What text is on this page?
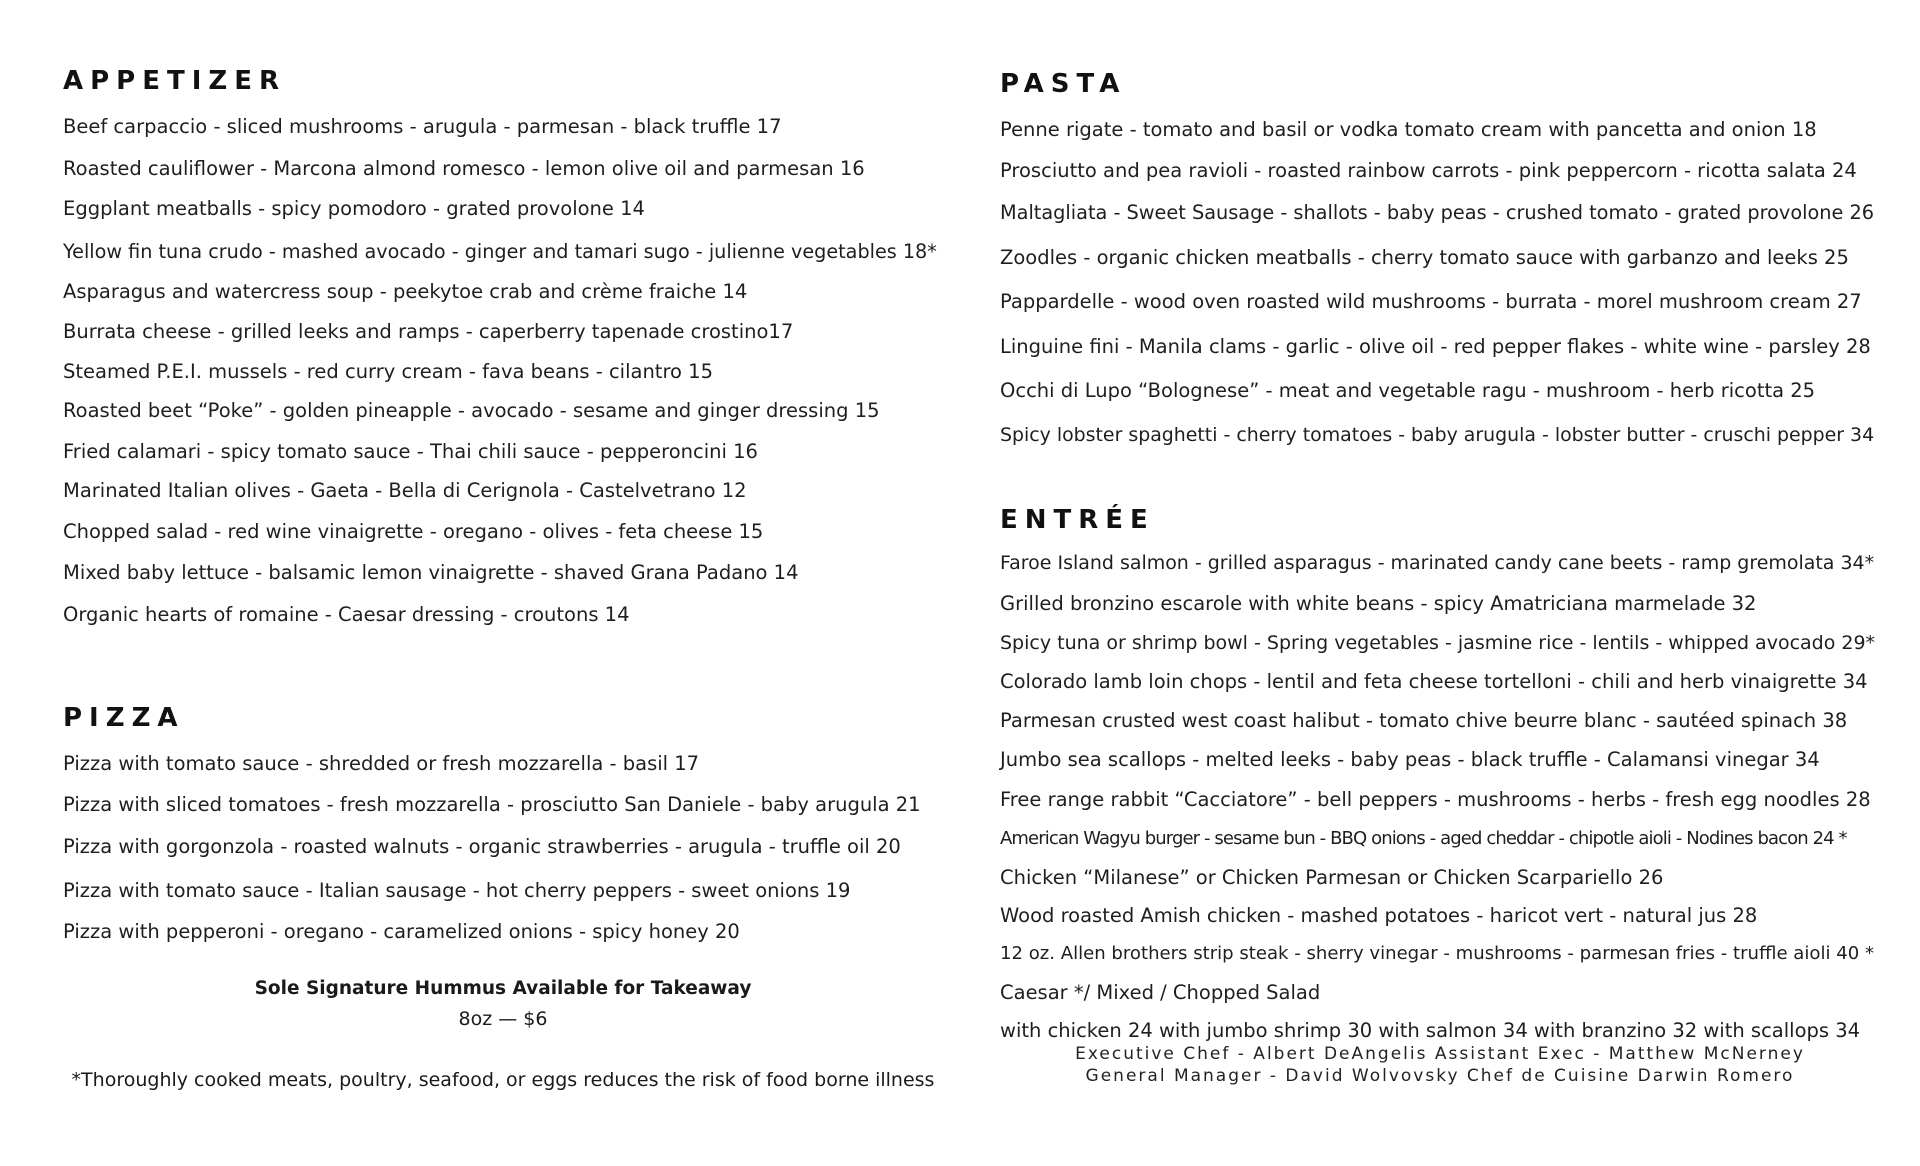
APPETIZER
Beef carpaccio - sliced mushrooms - arugula - parmesan - black truffle 17
Roasted cauliflower - Marcona almond romesco - lemon olive oil and parmesan 16
Eggplant meatballs - spicy pomodoro - grated provolone 14
Yellow fin tuna crudo - mashed avocado - ginger and tamari sugo - julienne vegetables 18*
Asparagus and watercress soup - peekytoe crab and crème fraiche 14
Burrata cheese - grilled leeks and ramps - caperberry tapenade crostino17
Steamed P.E.I. mussels - red curry cream - fava beans - cilantro 15
Roasted beet “Poke” - golden pineapple - avocado - sesame and ginger dressing 15
Fried calamari - spicy tomato sauce - Thai chili sauce - pepperoncini 16
Marinated Italian olives - Gaeta - Bella di Cerignola - Castelvetrano 12
Chopped salad - red wine vinaigrette - oregano - olives - feta cheese 15
Mixed baby lettuce - balsamic lemon vinaigrette - shaved Grana Padano 14
Organic hearts of romaine - Caesar dressing - croutons 14
PIZZA
Pizza with tomato sauce - shredded or fresh mozzarella - basil 17
Pizza with sliced tomatoes - fresh mozzarella - prosciutto San Daniele - baby arugula 21
Pizza with gorgonzola - roasted walnuts - organic strawberries - arugula - truffle oil 20
Pizza with tomato sauce - Italian sausage - hot cherry peppers - sweet onions 19
Pizza with pepperoni - oregano - caramelized onions - spicy honey 20
Sole Signature Hummus Available for Takeaway
8oz — $6
*Thoroughly cooked meats, poultry, seafood, or eggs reduces the risk of food borne illness
PASTA
Penne rigate - tomato and basil or vodka tomato cream with pancetta and onion 18
Prosciutto and pea ravioli - roasted rainbow carrots - pink peppercorn - ricotta salata 24
Maltagliata - Sweet Sausage - shallots - baby peas - crushed tomato - grated provolone 26
Zoodles - organic chicken meatballs - cherry tomato sauce with garbanzo and leeks 25
Pappardelle - wood oven roasted wild mushrooms - burrata - morel mushroom cream 27
Linguine fini - Manila clams - garlic - olive oil - red pepper flakes - white wine - parsley 28
Occhi di Lupo “Bolognese” - meat and vegetable ragu - mushroom - herb ricotta 25
Spicy lobster spaghetti - cherry tomatoes - baby arugula - lobster butter - cruschi pepper 34
ENTRÉE
Faroe Island salmon - grilled asparagus - marinated candy cane beets - ramp gremolata 34*
Grilled bronzino escarole with white beans - spicy Amatriciana marmelade 32
Spicy tuna or shrimp bowl - Spring vegetables - jasmine rice - lentils - whipped avocado 29*
Colorado lamb loin chops - lentil and feta cheese tortelloni - chili and herb vinaigrette 34
Parmesan crusted west coast halibut - tomato chive beurre blanc - sautéed spinach 38
Jumbo sea scallops - melted leeks - baby peas - black truffle - Calamansi vinegar 34
Free range rabbit “Cacciatore” - bell peppers - mushrooms - herbs - fresh egg noodles 28
American Wagyu burger - sesame bun - BBQ onions - aged cheddar - chipotle aioli - Nodines bacon 24 *
Chicken “Milanese” or Chicken Parmesan or Chicken Scarpariello 26
Wood roasted Amish chicken - mashed potatoes - haricot vert - natural jus 28
12 oz. Allen brothers strip steak - sherry vinegar - mushrooms - parmesan fries - truffle aioli 40 *
Caesar */ Mixed / Chopped Salad
with chicken 24 with jumbo shrimp 30 with salmon 34 with branzino 32 with scallops 34
Executive Chef - Albert DeAngelis Assistant Exec - Matthew McNerney
General Manager - David Wolvovsky Chef de Cuisine Darwin Romero
